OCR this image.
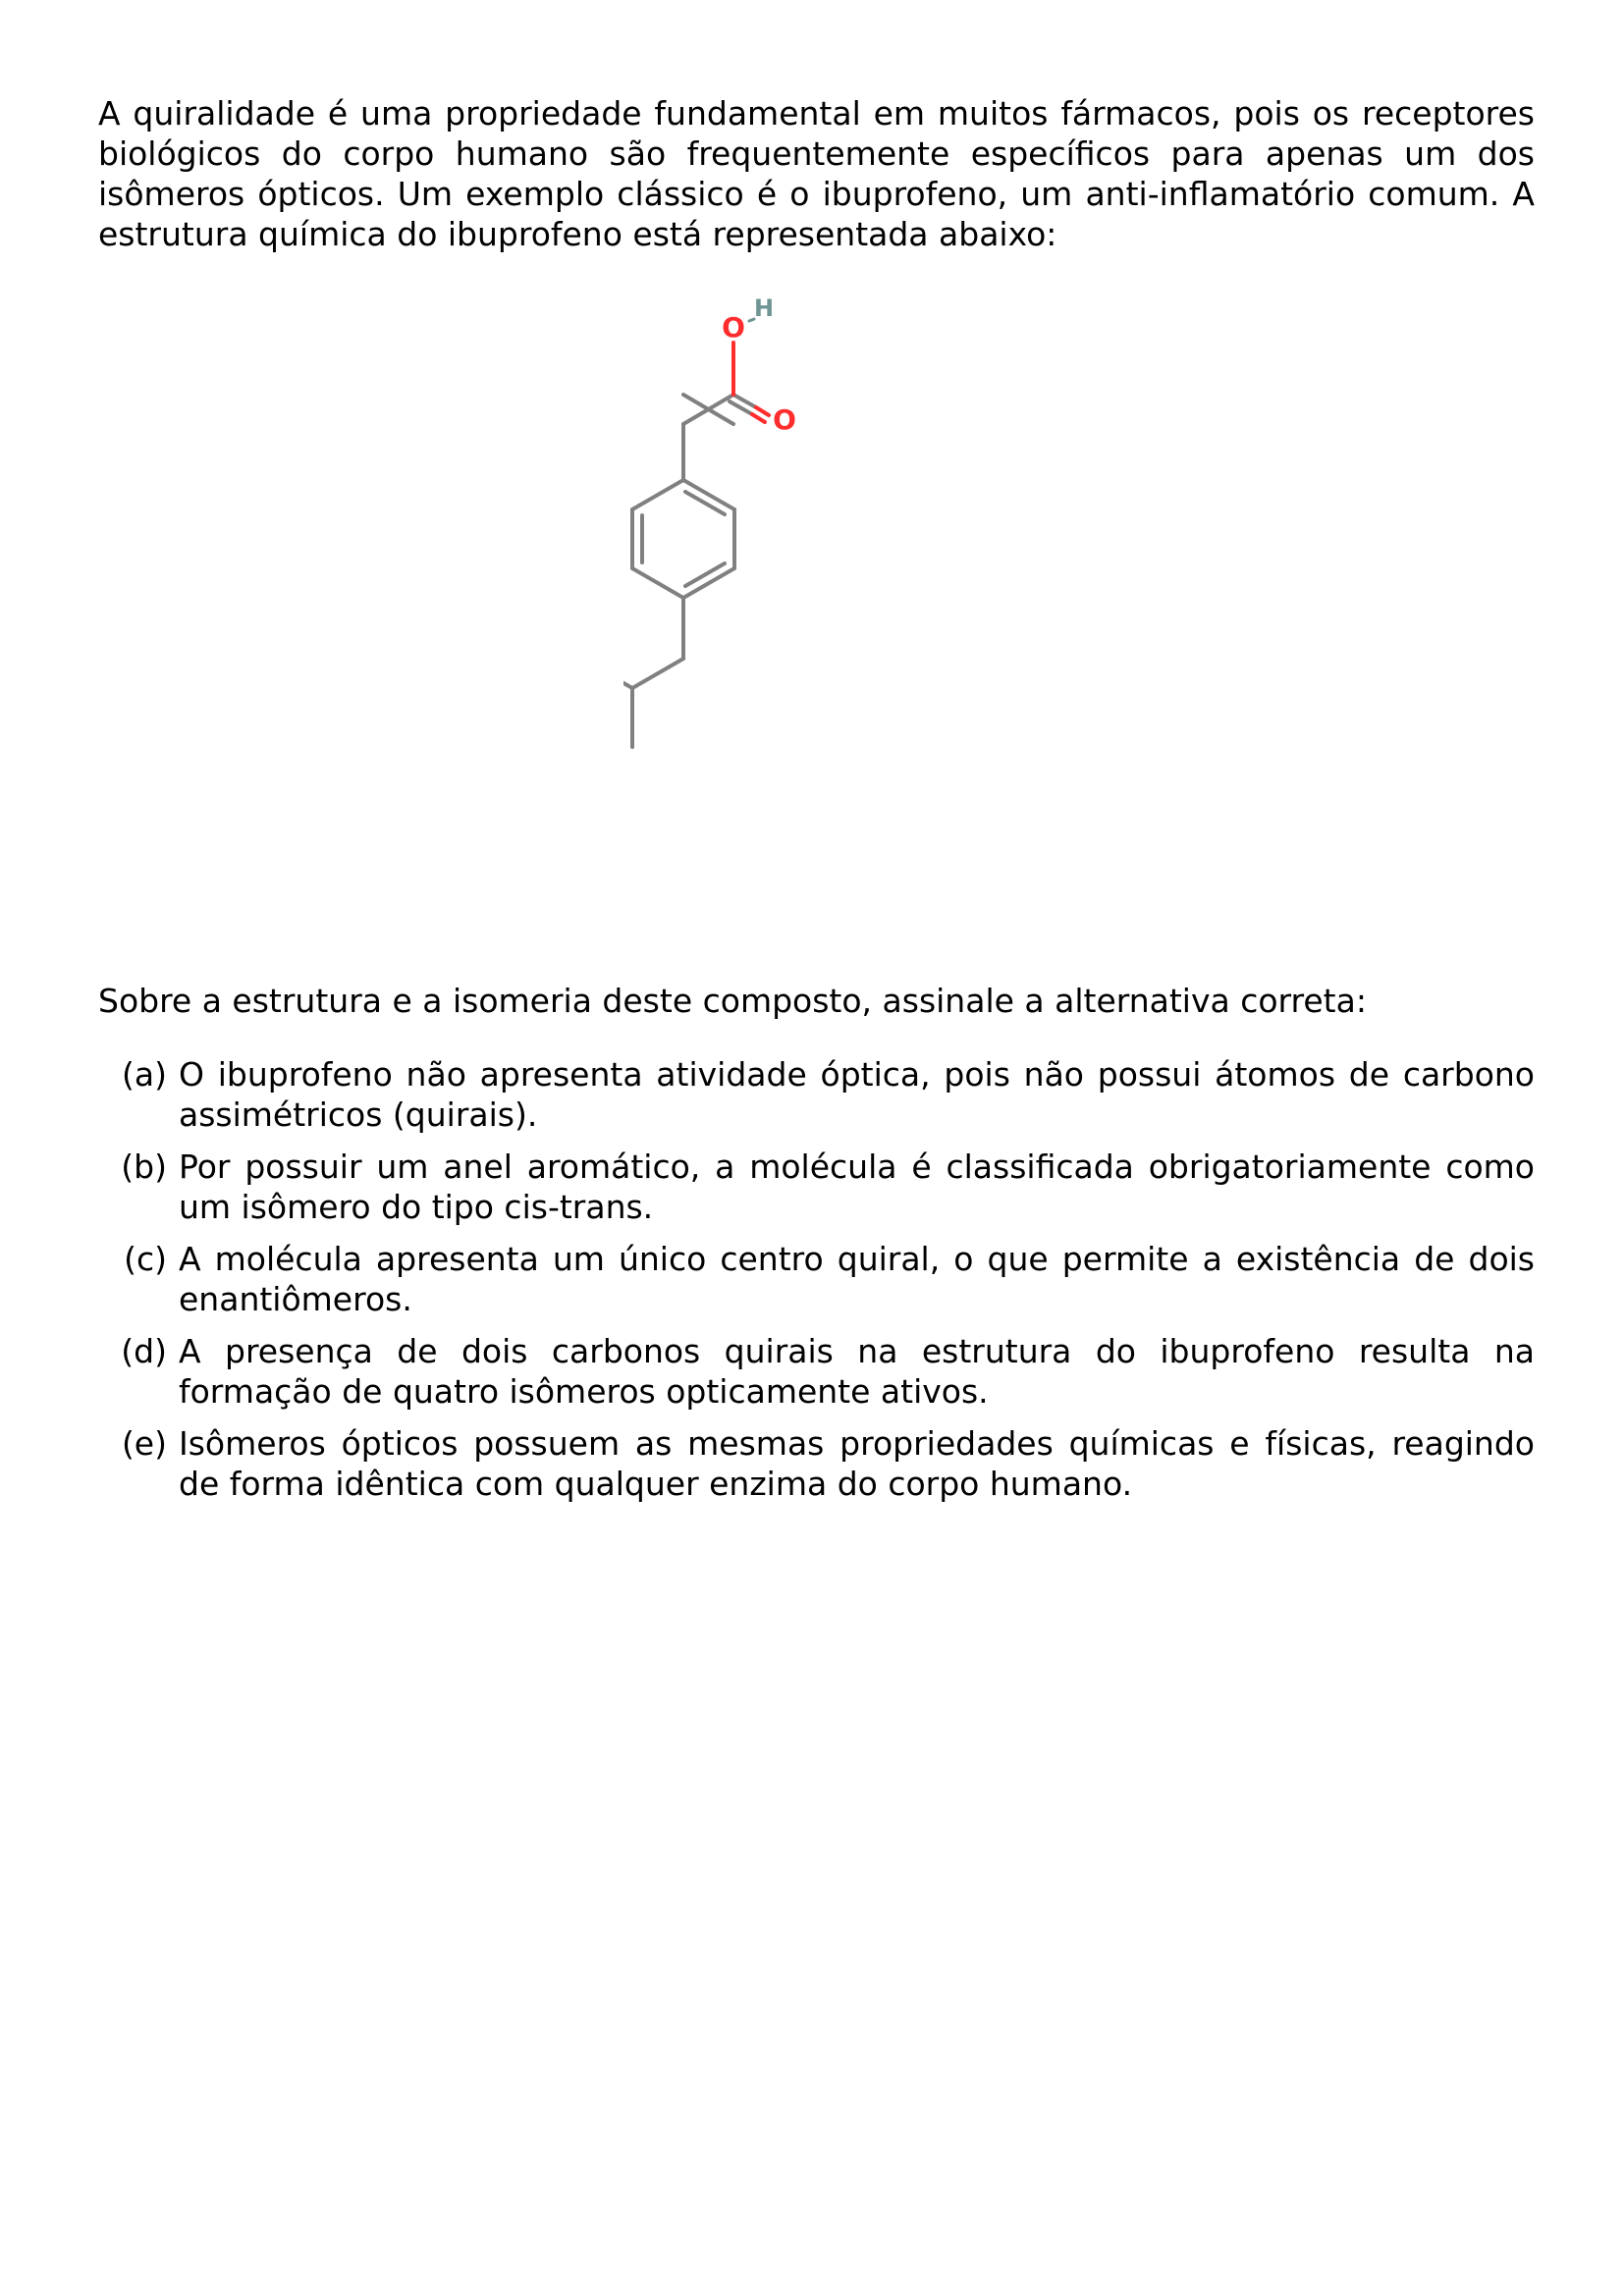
A quiralidade é uma propriedade fundamental em muitos fármacos, pois os receptores biológicos do corpo humano são frequentemente específicos para apenas um dos isômeros ópticos. Um exemplo clássico é o ibuprofeno, um anti-inflamatório comum. A estrutura química do ibuprofeno está representada abaixo:

O
H
O

Sobre a estrutura e a isomeria deste composto, assinale a alternativa correta:

(a) O ibuprofeno não apresenta atividade óptica, pois não possui átomos de carbono assimétricos (quirais).
(b) Por possuir um anel aromático, a molécula é classificada obrigatoriamente como um isômero do tipo cis-trans.
(c) A molécula apresenta um único centro quiral, o que permite a existência de dois enantiômeros.
(d) A presença de dois carbonos quirais na estrutura do ibuprofeno resulta na formação de quatro isômeros opticamente ativos.
(e) Isômeros ópticos possuem as mesmas propriedades químicas e físicas, reagindo de forma idêntica com qualquer enzima do corpo humano.
